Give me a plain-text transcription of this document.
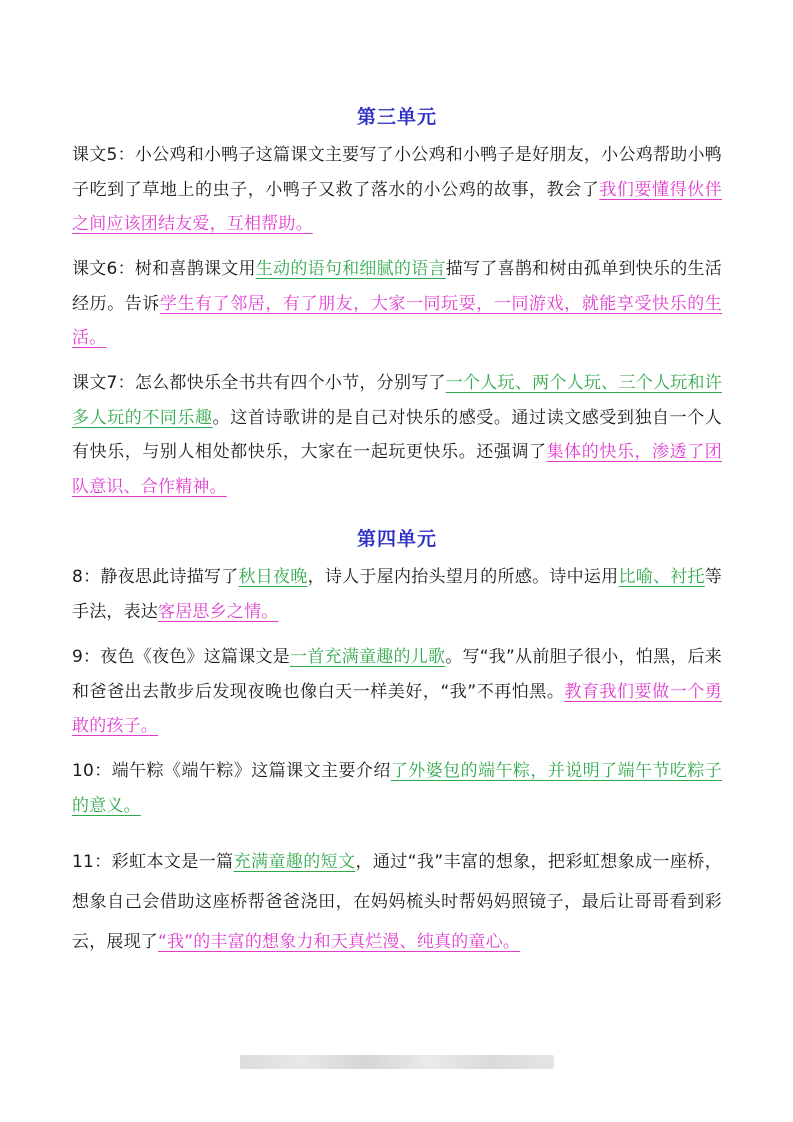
第三单元
课文5：小公鸡和小鸭子这篇课文主要写了小公鸡和小鸭子是好朋友，小公鸡帮助小鸭子吃到了草地上的虫子，小鸭子又救了落水的小公鸡的故事，教会了我们要懂得伙伴之间应该团结友爱，互相帮助。
课文6：树和喜鹊课文用生动的语句和细腻的语言描写了喜鹊和树由孤单到快乐的生活经历。告诉学生有了邻居，有了朋友，大家一同玩耍，一同游戏，就能享受快乐的生活。
课文7：怎么都快乐全书共有四个小节，分别写了一个人玩、两个人玩、三个人玩和许多人玩的不同乐趣。这首诗歌讲的是自己对快乐的感受。通过读文感受到独自一个人有快乐，与别人相处都快乐，大家在一起玩更快乐。还强调了集体的快乐，渗透了团队意识、合作精神。
第四单元
8：静夜思此诗描写了秋日夜晚，诗人于屋内抬头望月的所感。诗中运用比喻、衬托等手法，表达客居思乡之情。
9：夜色《夜色》这篇课文是一首充满童趣的儿歌。写“我”从前胆子很小，怕黑，后来和爸爸出去散步后发现夜晚也像白天一样美好，“我”不再怕黑。教育我们要做一个勇敢的孩子。
10：端午粽《端午粽》这篇课文主要介绍了外婆包的端午粽，并说明了端午节吃粽子的意义。
11：彩虹本文是一篇充满童趣的短文，通过“我”丰富的想象，把彩虹想象成一座桥，想象自己会借助这座桥帮爸爸浇田，在妈妈梳头时帮妈妈照镜子，最后让哥哥看到彩云，展现了“我”的丰富的想象力和天真烂漫、纯真的童心。
